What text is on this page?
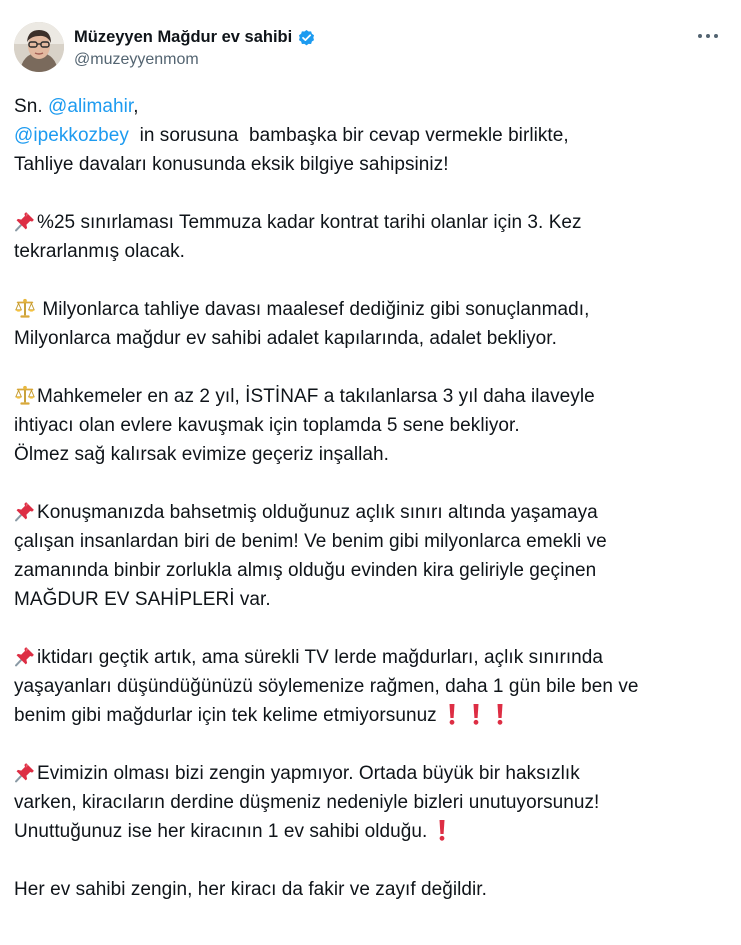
Müzeyyen Mağdur ev sahibi
@muzeyyenmom
Sn. @alimahir,
@ipekkozbey  in sorusuna  bambaşka bir cevap vermekle birlikte,
Tahliye davaları konusunda eksik bilgiye sahipsiniz!
%25 sınırlaması Temmuza kadar kontrat tarihi olanlar için 3. Kez
tekrarlanmış olacak.
Milyonlarca tahliye davası maalesef dediğiniz gibi sonuçlanmadı,
Milyonlarca mağdur ev sahibi adalet kapılarında, adalet bekliyor.
Mahkemeler en az 2 yıl, İSTİNAF a takılanlarsa 3 yıl daha ilaveyle
ihtiyacı olan evlere kavuşmak için toplamda 5 sene bekliyor.
Ölmez sağ kalırsak evimize geçeriz inşallah.
Konuşmanızda bahsetmiş olduğunuz açlık sınırı altında yaşamaya
çalışan insanlardan biri de benim! Ve benim gibi milyonlarca emekli ve
zamanında binbir zorlukla almış olduğu evinden kira geliriyle geçinen
MAĞDUR EV SAHİPLERİ var.
iktidarı geçtik artık, ama sürekli TV lerde mağdurları, açlık sınırında
yaşayanları düşündüğünüzü söylemenize rağmen, daha 1 gün bile ben ve
benim gibi mağdurlar için tek kelime etmiyorsunuz
Evimizin olması bizi zengin yapmıyor. Ortada büyük bir haksızlık
varken, kiracıların derdine düşmeniz nedeniyle bizleri unutuyorsunuz!
Unuttuğunuz ise her kiracının 1 ev sahibi olduğu.
Her ev sahibi zengin, her kiracı da fakir ve zayıf değildir.
